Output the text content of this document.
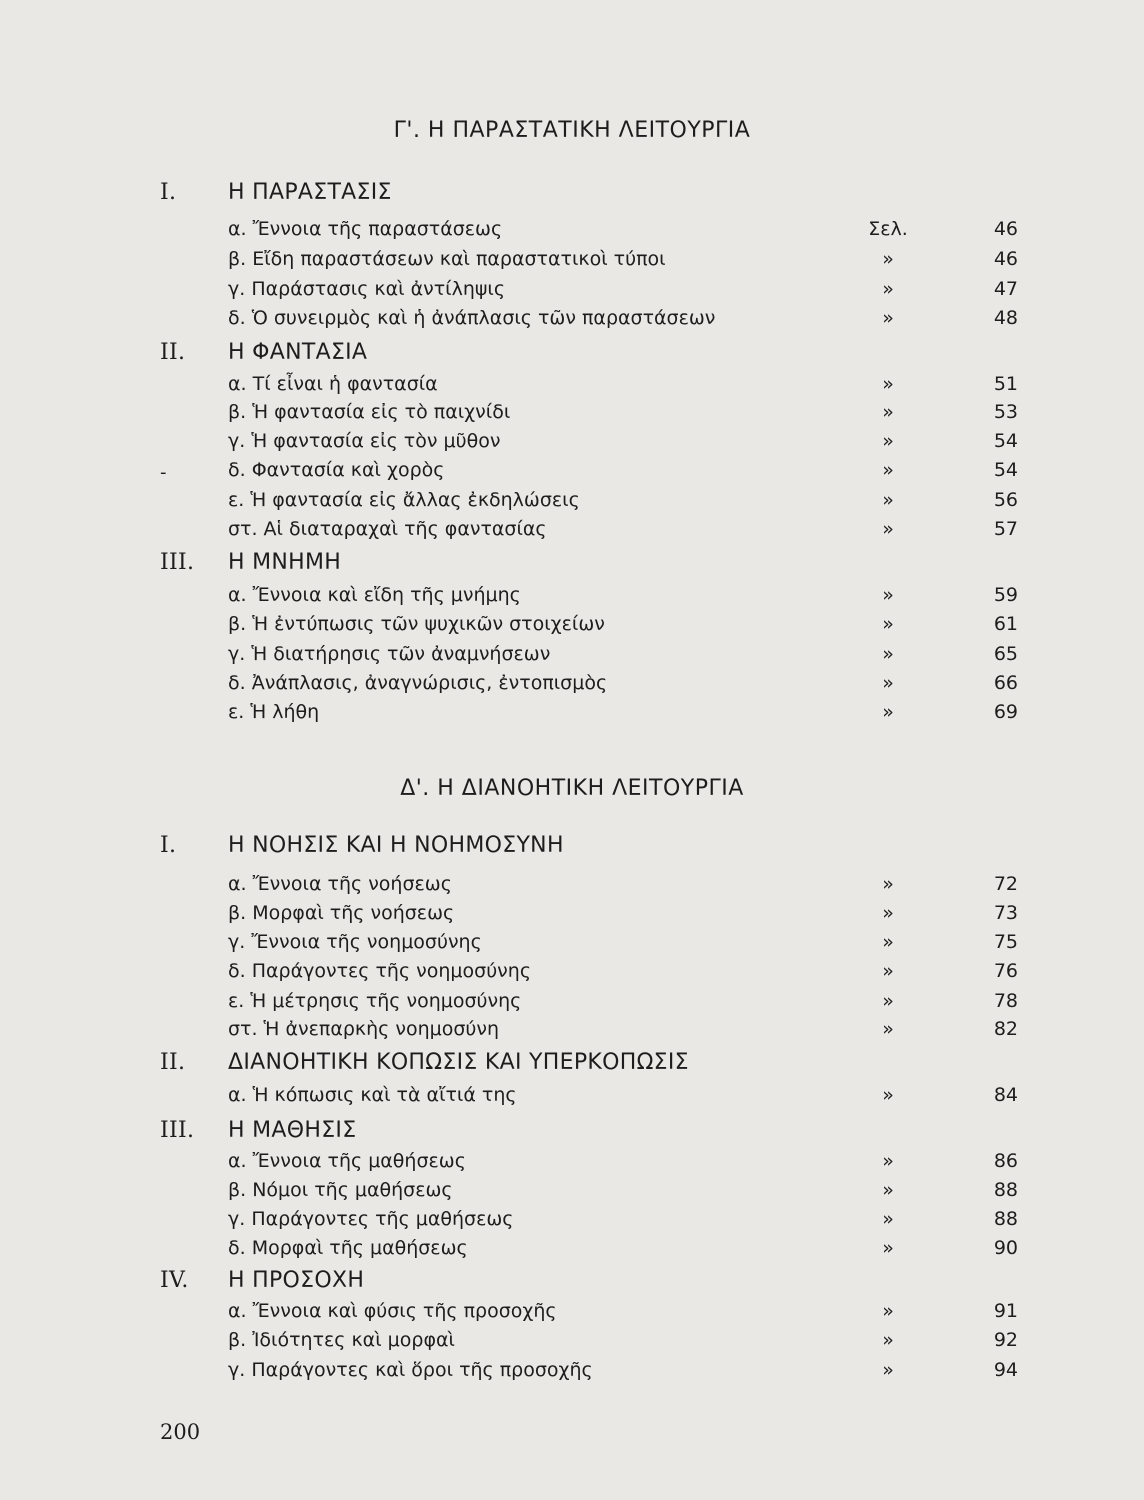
Γ'. Η ΠΑΡΑΣΤΑΤΙΚΗ ΛΕΙΤΟΥΡΓΙΑ
I. Η ΠΑΡΑΣΤΑΣΙΣ
α. Ἔννοια τῆς παραστάσεως	Σελ.	46
β. Εἴδη παραστάσεων καὶ παραστατικοὶ τύποι	»	46
γ. Παράστασις καὶ ἀντίληψις	»	47
δ. Ὁ συνειρμὸς καὶ ἡ ἀνάπλασις τῶν παραστάσεων	»	48
II. Η ΦΑΝΤΑΣΙΑ
α. Τί εἶναι ἡ φαντασία	»	51
β. Ἡ φαντασία εἰς τὸ παιχνίδι	»	53
γ. Ἡ φαντασία εἰς τὸν μῦθον	»	54
δ. Φαντασία καὶ χορὸς	»	54
ε. Ἡ φαντασία εἰς ἄλλας ἐκδηλώσεις	»	56
στ. Αἱ διαταραχαὶ τῆς φαντασίας	»	57
III. Η ΜΝΗΜΗ
α. Ἔννοια καὶ εἴδη τῆς μνήμης	»	59
β. Ἡ ἐντύπωσις τῶν ψυχικῶν στοιχείων	»	61
γ. Ἡ διατήρησις τῶν ἀναμνήσεων	»	65
δ. Ἀνάπλασις, ἀναγνώρισις, ἐντοπισμὸς	»	66
ε. Ἡ λήθη	»	69
Δ'. Η ΔΙΑΝΟΗΤΙΚΗ ΛΕΙΤΟΥΡΓΙΑ
I. Η ΝΟΗΣΙΣ ΚΑΙ Η ΝΟΗΜΟΣΥΝΗ
α. Ἔννοια τῆς νοήσεως	»	72
β. Μορφαὶ τῆς νοήσεως	»	73
γ. Ἔννοια τῆς νοημοσύνης	»	75
δ. Παράγοντες τῆς νοημοσύνης	»	76
ε. Ἡ μέτρησις τῆς νοημοσύνης	»	78
στ. Ἡ ἀνεπαρκὴς νοημοσύνη	»	82
II. ΔΙΑΝΟΗΤΙΚΗ ΚΟΠΩΣΙΣ ΚΑΙ ΥΠΕΡΚΟΠΩΣΙΣ
α. Ἡ κόπωσις καὶ τὰ αἴτιά της	»	84
III. Η ΜΑΘΗΣΙΣ
α. Ἔννοια τῆς μαθήσεως	»	86
β. Νόμοι τῆς μαθήσεως	»	88
γ. Παράγοντες τῆς μαθήσεως	»	88
δ. Μορφαὶ τῆς μαθήσεως	»	90
IV. Η ΠΡΟΣΟΧΗ
α. Ἔννοια καὶ φύσις τῆς προσοχῆς	»	91
β. Ἰδιότητες καὶ μορφαὶ	»	92
γ. Παράγοντες καὶ ὅροι τῆς προσοχῆς	»	94
-
200
